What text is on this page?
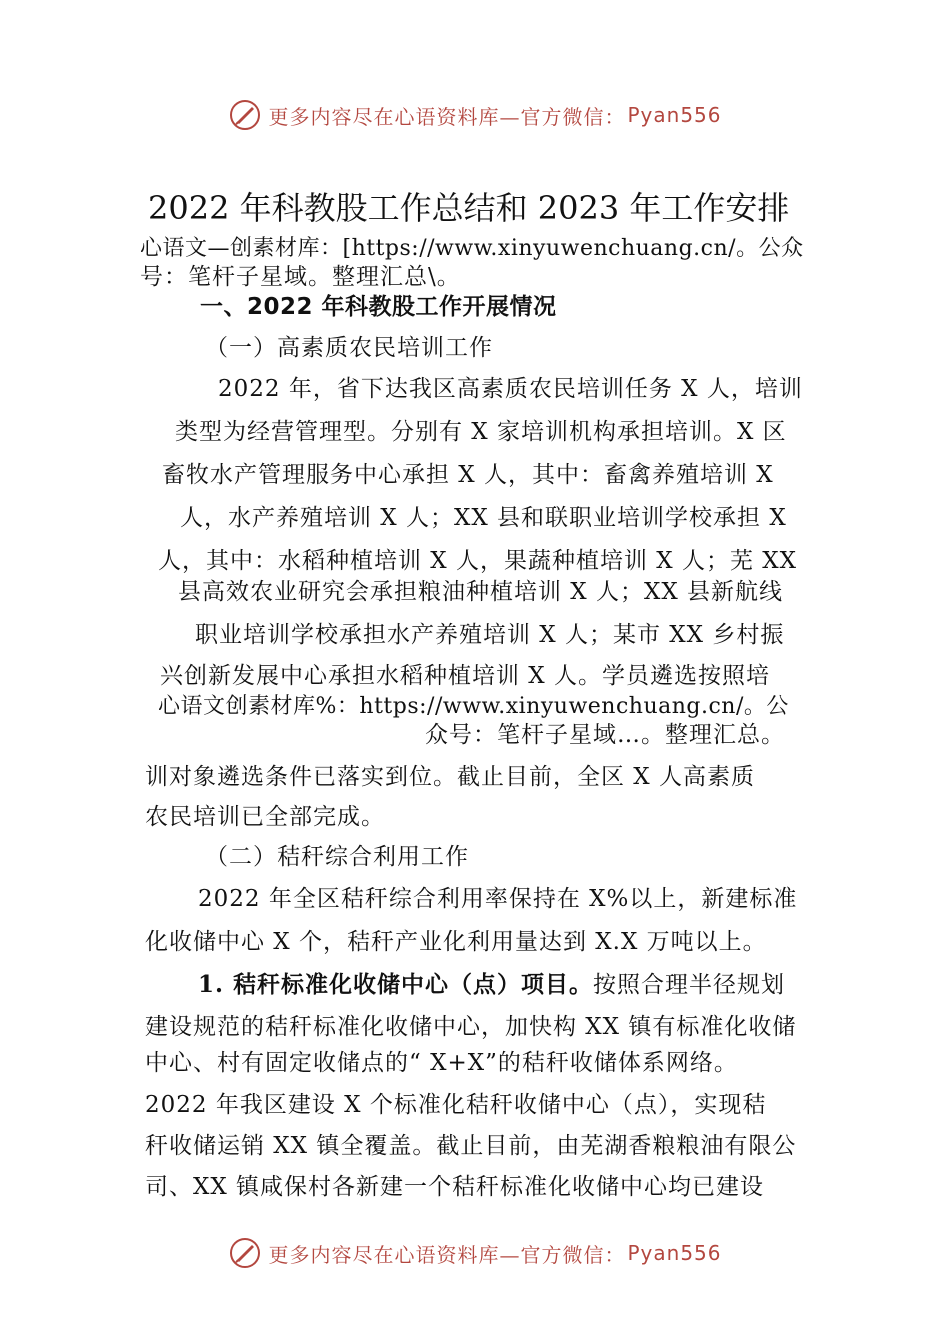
更多内容尽在心语资料库—官方微信： Pyan556
2022 年科教股工作总结和 2023 年工作安排
心语文—创素材库：[https://www.xinyuwenchuang.cn/。公众
号：笔杆子星域。整理汇总\。
一、2022 年科教股工作开展情况
（一）高素质农民培训工作
2022 年，省下达我区高素质农民培训任务 X 人，培训
类型为经营管理型。分别有 X 家培训机构承担培训。X 区
畜牧水产管理服务中心承担 X 人，其中：畜禽养殖培训 X
人，水产养殖培训 X 人；XX 县和联职业培训学校承担 X
人，其中：水稻种植培训 X 人，果蔬种植培训 X 人；芜 XX
县高效农业研究会承担粮油种植培训 X 人；XX 县新航线
职业培训学校承担水产养殖培训 X 人；某市 XX 乡村振
兴创新发展中心承担水稻种植培训 X 人。学员遴选按照培
心语文创素材库%：https://www.xinyuwenchuang.cn/。公
众号：笔杆子星域…。整理汇总。
训对象遴选条件已落实到位。截止目前，全区 X 人高素质
农民培训已全部完成。
（二）秸秆综合利用工作
2022 年全区秸秆综合利用率保持在 X%以上，新建标准
化收储中心 X 个，秸秆产业化利用量达到 X.X 万吨以上。
1. 秸秆标准化收储中心（点）项目。按照合理半径规划
建设规范的秸秆标准化收储中心，加快构 XX 镇有标准化收储
中心、村有固定收储点的“ X+X”的秸秆收储体系网络。
2022 年我区建设 X 个标准化秸秆收储中心（点），实现秸
秆收储运销 XX 镇全覆盖。截止目前，由芜湖香粮粮油有限公
司、XX 镇咸保村各新建一个秸秆标准化收储中心均已建设
更多内容尽在心语资料库—官方微信： Pyan556
